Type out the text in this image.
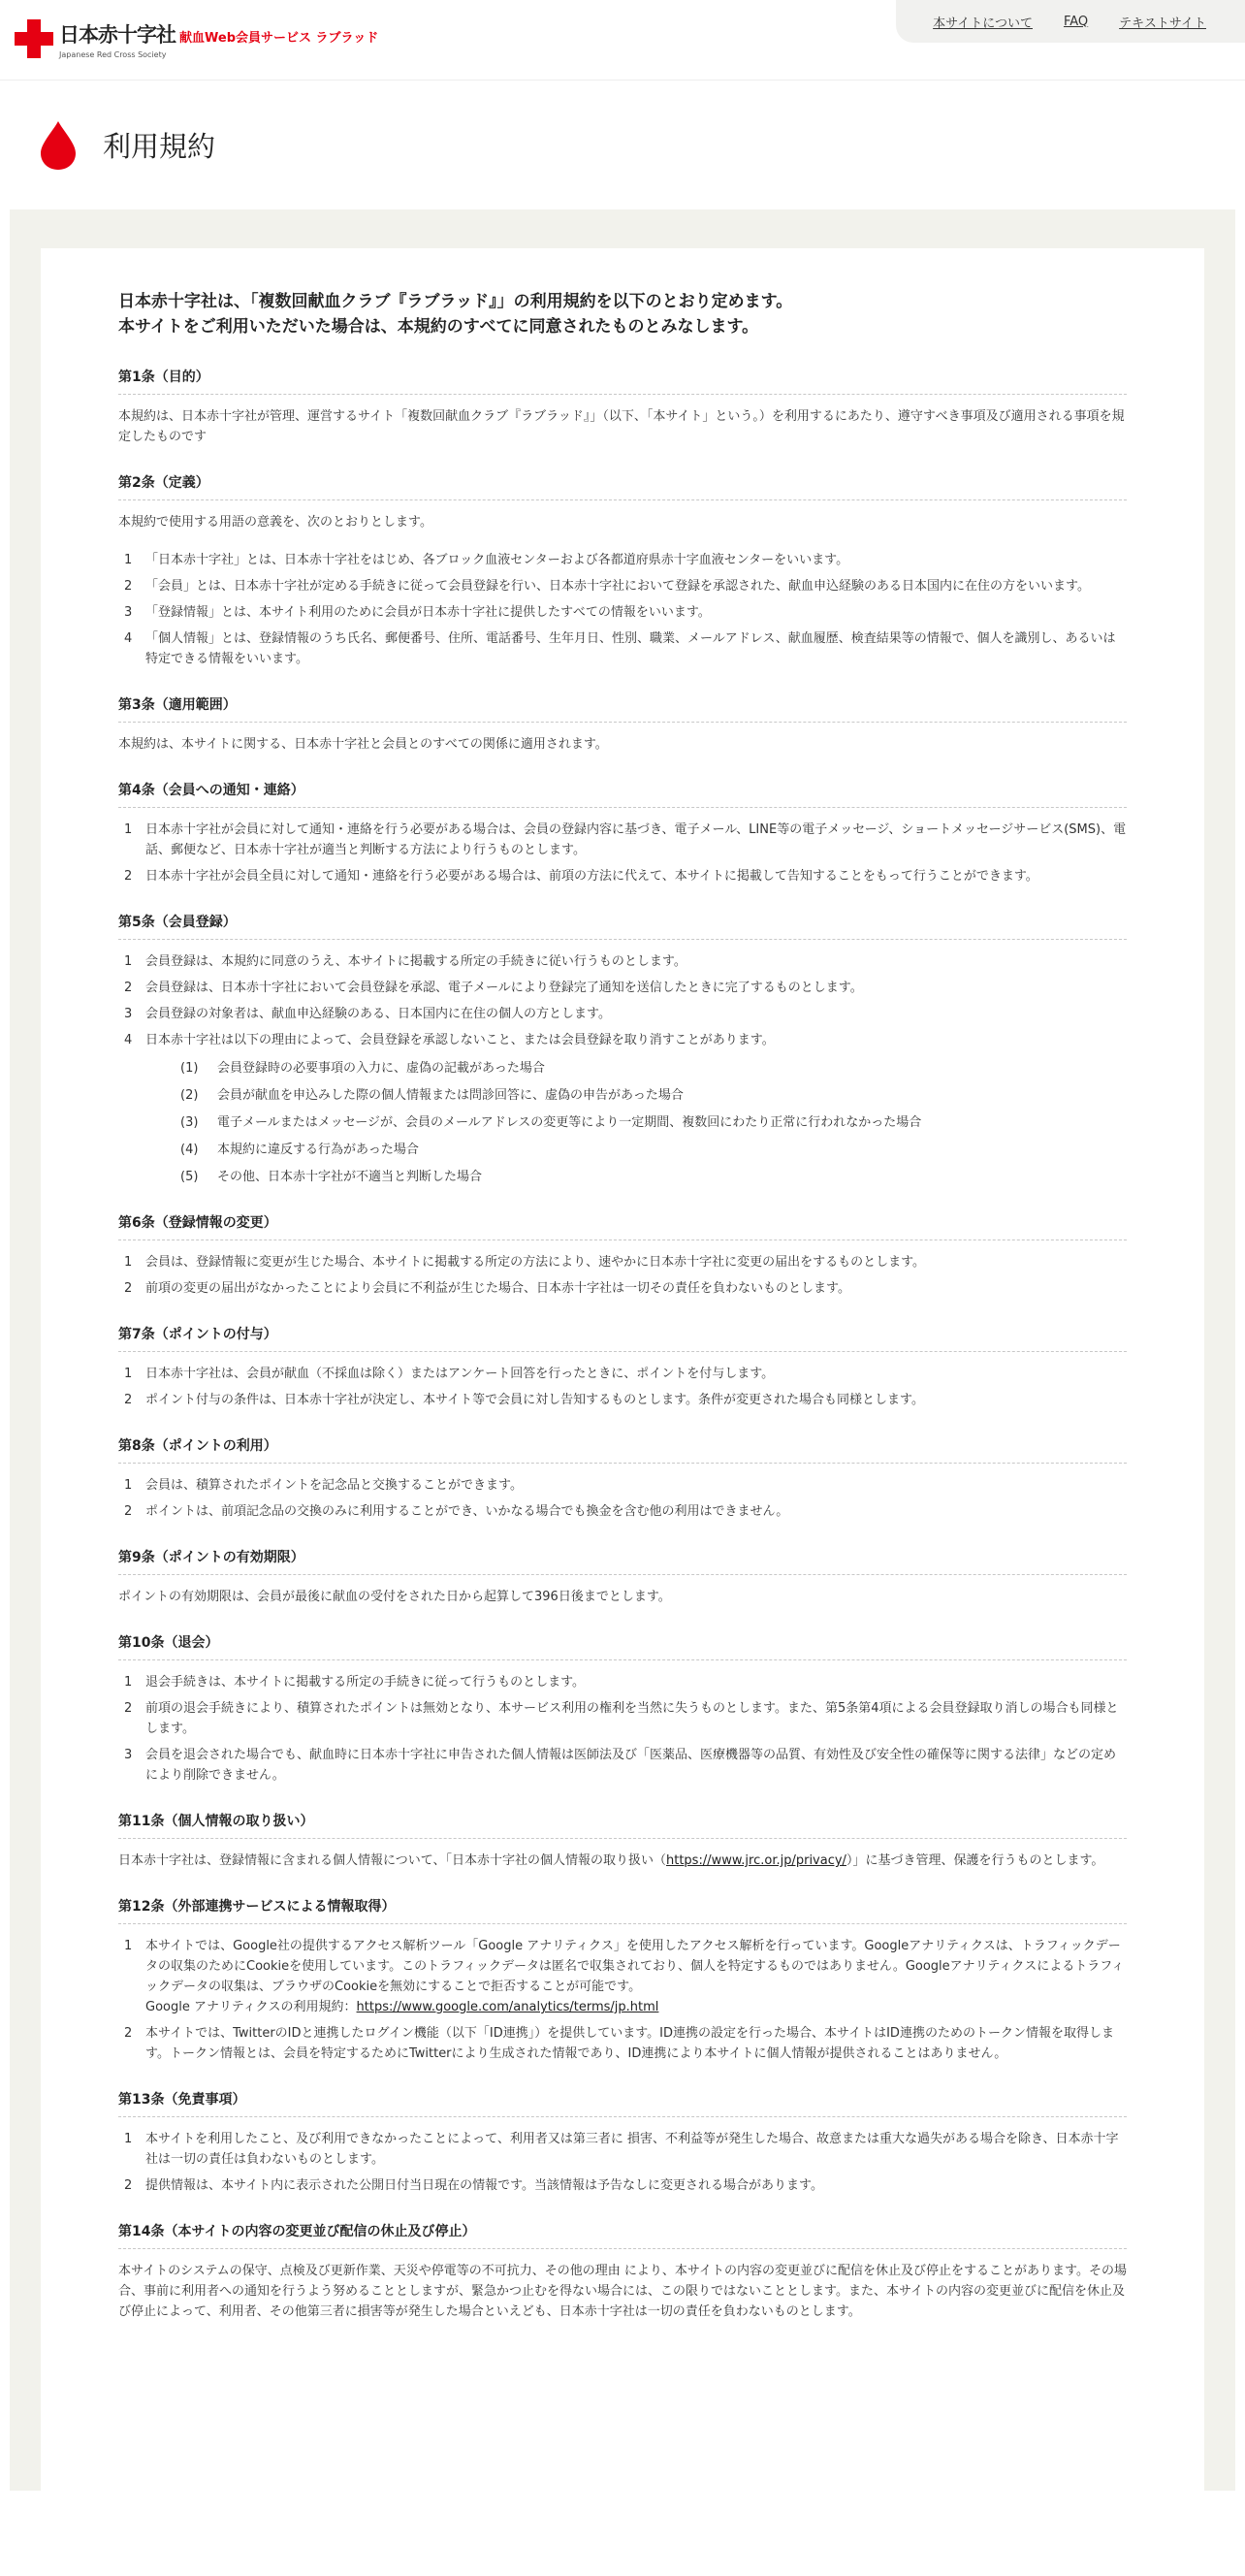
日本赤十字社 献血Web会員サービス ラブラッド
Japanese Red Cross Society
本サイトについて FAQ テキストサイト
利用規約

日本赤十字社は、「複数回献血クラブ『ラブラッド』」の利用規約を以下のとおり定めます。

本サイトをご利用いただいた場合は、本規約のすべてに同意されたものとみなします。

第1条（目的）

本規約は、日本赤十字社が管理、運営するサイト「複数回献血クラブ『ラブラッド』」（以下、「本サイト」という。）を利用するにあたり、遵守すべき事項及び適用される事項を規定したものです

第2条（定義）

本規約で使用する用語の意義を、次のとおりとします。

1 「日本赤十字社」とは、日本赤十字社をはじめ、各ブロック血液センターおよび各都道府県赤十字血液センターをいいます。
2 「会員」とは、日本赤十字社が定める手続きに従って会員登録を行い、日本赤十字社において登録を承認された、献血申込経験のある日本国内に在住の方をいいます。
3 「登録情報」とは、本サイト利用のために会員が日本赤十字社に提供したすべての情報をいいます。
4 「個人情報」とは、登録情報のうち氏名、郵便番号、住所、電話番号、生年月日、性別、職業、メールアドレス、献血履歴、検査結果等の情報で、個人を識別し、あるいは特定できる情報をいいます。
第3条（適用範囲）

本規約は、本サイトに関する、日本赤十字社と会員とのすべての関係に適用されます。

第4条（会員への通知・連絡）
1 日本赤十字社が会員に対して通知・連絡を行う必要がある場合は、会員の登録内容に基づき、電子メール、LINE等の電子メッセージ、ショートメッセージサービス(SMS)、電話、郵便など、日本赤十字社が適当と判断する方法により行うものとします。
2 日本赤十字社が会員全員に対して通知・連絡を行う必要がある場合は、前項の方法に代えて、本サイトに掲載して告知することをもって行うことができます。
第5条（会員登録）
1 会員登録は、本規約に同意のうえ、本サイトに掲載する所定の手続きに従い行うものとします。
2 会員登録は、日本赤十字社において会員登録を承認、電子メールにより登録完了通知を送信したときに完了するものとします。
3 会員登録の対象者は、献血申込経験のある、日本国内に在住の個人の方とします。
4 日本赤十字社は以下の理由によって、会員登録を承認しないこと、または会員登録を取り消すことがあります。
(1) 会員登録時の必要事項の入力に、虚偽の記載があった場合
(2) 会員が献血を申込みした際の個人情報または問診回答に、虚偽の申告があった場合
(3) 電子メールまたはメッセージが、会員のメールアドレスの変更等により一定期間、複数回にわたり正常に行われなかった場合
(4) 本規約に違反する行為があった場合
(5) その他、日本赤十字社が不適当と判断した場合
第6条（登録情報の変更）
1 会員は、登録情報に変更が生じた場合、本サイトに掲載する所定の方法により、速やかに日本赤十字社に変更の届出をするものとします。
2 前項の変更の届出がなかったことにより会員に不利益が生じた場合、日本赤十字社は一切その責任を負わないものとします。
第7条（ポイントの付与）
1 日本赤十字社は、会員が献血（不採血は除く）またはアンケート回答を行ったときに、ポイントを付与します。
2 ポイント付与の条件は、日本赤十字社が決定し、本サイト等で会員に対し告知するものとします。条件が変更された場合も同様とします。
第8条（ポイントの利用）
1 会員は、積算されたポイントを記念品と交換することができます。
2 ポイントは、前項記念品の交換のみに利用することができ、いかなる場合でも換金を含む他の利用はできません。
第9条（ポイントの有効期限）

ポイントの有効期限は、会員が最後に献血の受付をされた日から起算して396日後までとします。

第10条（退会）
1 退会手続きは、本サイトに掲載する所定の手続きに従って行うものとします。
2 前項の退会手続きにより、積算されたポイントは無効となり、本サービス利用の権利を当然に失うものとします。また、第5条第4項による会員登録取り消しの場合も同様とします。
3 会員を退会された場合でも、献血時に日本赤十字社に申告された個人情報は医師法及び「医薬品、医療機器等の品質、有効性及び安全性の確保等に関する法律」などの定めにより削除できません。
第11条（個人情報の取り扱い）

日本赤十字社は、登録情報に含まれる個人情報について、「日本赤十字社の個人情報の取り扱い（https://www.jrc.or.jp/privacy/）」に基づき管理、保護を行うものとします。

第12条（外部連携サービスによる情報取得）
1 本サイトでは、Google社の提供するアクセス解析ツール「Google アナリティクス」を使用したアクセス解析を行っています。Googleアナリティクスは、トラフィックデータの収集のためにCookieを使用しています。このトラフィックデータは匿名で収集されており、個人を特定するものではありません。Googleアナリティクスによるトラフィックデータの収集は、ブラウザのCookieを無効にすることで拒否することが可能です。
Google アナリティクスの利用規約：https://www.google.com/analytics/terms/jp.html
2 本サイトでは、TwitterのIDと連携したログイン機能（以下「ID連携」）を提供しています。ID連携の設定を行った場合、本サイトはID連携のためのトークン情報を取得します。トークン情報とは、会員を特定するためにTwitterにより生成された情報であり、ID連携により本サイトに個人情報が提供されることはありません。
第13条（免責事項）
1 本サイトを利用したこと、及び利用できなかったことによって、利用者又は第三者に 損害、不利益等が発生した場合、故意または重大な過失がある場合を除き、日本赤十字社は一切の責任は負わないものとします。
2 提供情報は、本サイト内に表示された公開日付当日現在の情報です。当該情報は予告なしに変更される場合があります。
第14条（本サイトの内容の変更並び配信の休止及び停止）

本サイトのシステムの保守、点検及び更新作業、天災や停電等の不可抗力、その他の理由 により、本サイトの内容の変更並びに配信を休止及び停止をすることがあります。その場合、事前に利用者への通知を行うよう努めることとしますが、緊急かつ止むを得ない場合には、この限りではないこととします。また、本サイトの内容の変更並びに配信を休止及び停止によって、利用者、その他第三者に損害等が発生した場合といえども、日本赤十字社は一切の責任を負わないものとします。
